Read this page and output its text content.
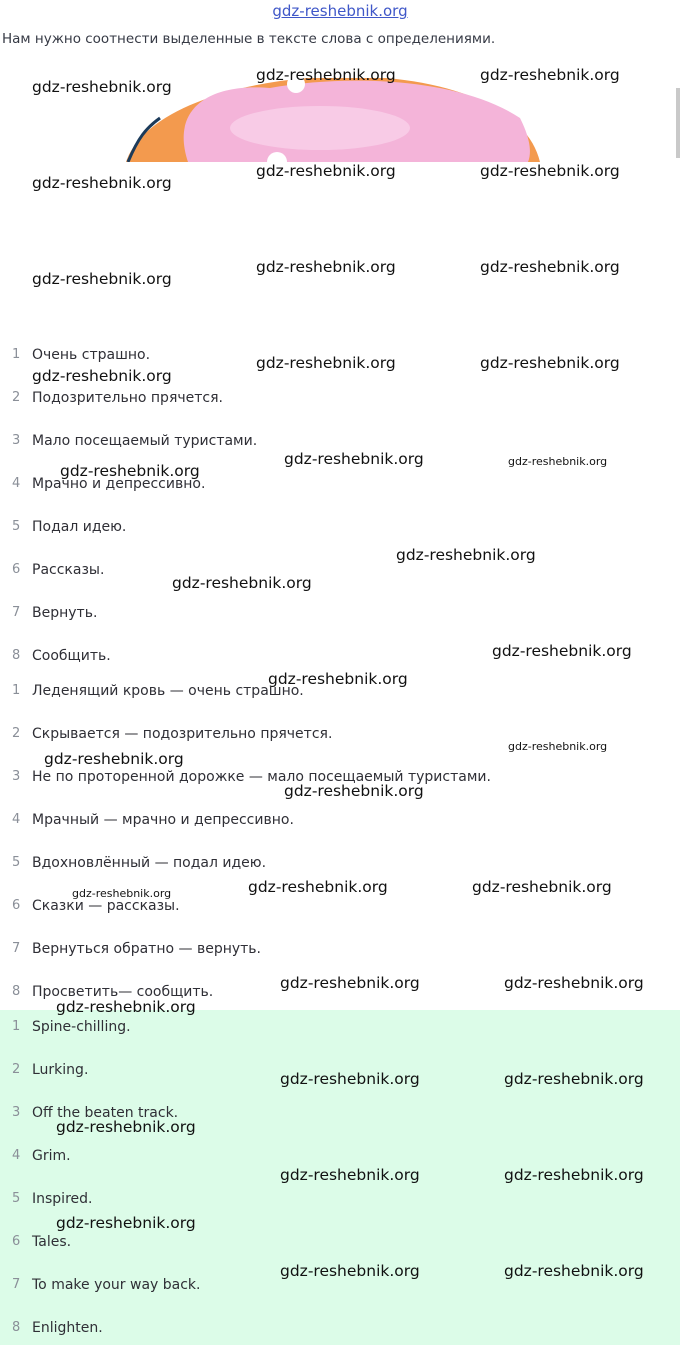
gdz-reshebnik.org
Нам нужно соотнести выделенные в тексте слова с определениями.
1 Очень страшно.
2 Подозрительно прячется.
3 Мало посещаемый туристами.
4 Мрачно и депрессивно.
5 Подал идею.
6 Рассказы.
7 Вернуть.
8 Сообщить.
1 Леденящий кровь — очень страшно.
2 Скрывается — подозрительно прячется.
3 Не по проторенной дорожке — мало посещаемый туристами.
4 Мрачный — мрачно и депрессивно.
5 Вдохновлённый — подал идею.
6 Сказки — рассказы.
7 Вернуться обратно — вернуть.
8 Просветить— сообщить.
1 Spine-chilling.
2 Lurking.
3 Off the beaten track.
4 Grim.
5 Inspired.
6 Tales.
7 To make your way back.
8 Enlighten.
gdz-reshebnik.org
gdz-reshebnik.org	gdz-reshebnik.org
gdz-reshebnik.org
gdz-reshebnik.org	gdz-reshebnik.org
gdz-reshebnik.org
gdz-reshebnik.org	gdz-reshebnik.org
gdz-reshebnik.org	gdz-reshebnik.org
gdz-reshebnik.org
gdz-reshebnik.org
gdz-reshebnik.org	gdz-reshebnik.org
gdz-reshebnik.org
gdz-reshebnik.org
gdz-reshebnik.org
gdz-reshebnik.org
gdz-reshebnik.org
gdz-reshebnik.org
gdz-reshebnik.org
gdz-reshebnik.org	gdz-reshebnik.org	gdz-reshebnik.org
gdz-reshebnik.org	gdz-reshebnik.org
gdz-reshebnik.org
gdz-reshebnik.org	gdz-reshebnik.org
gdz-reshebnik.org
gdz-reshebnik.org	gdz-reshebnik.org
gdz-reshebnik.org
gdz-reshebnik.org	gdz-reshebnik.org
